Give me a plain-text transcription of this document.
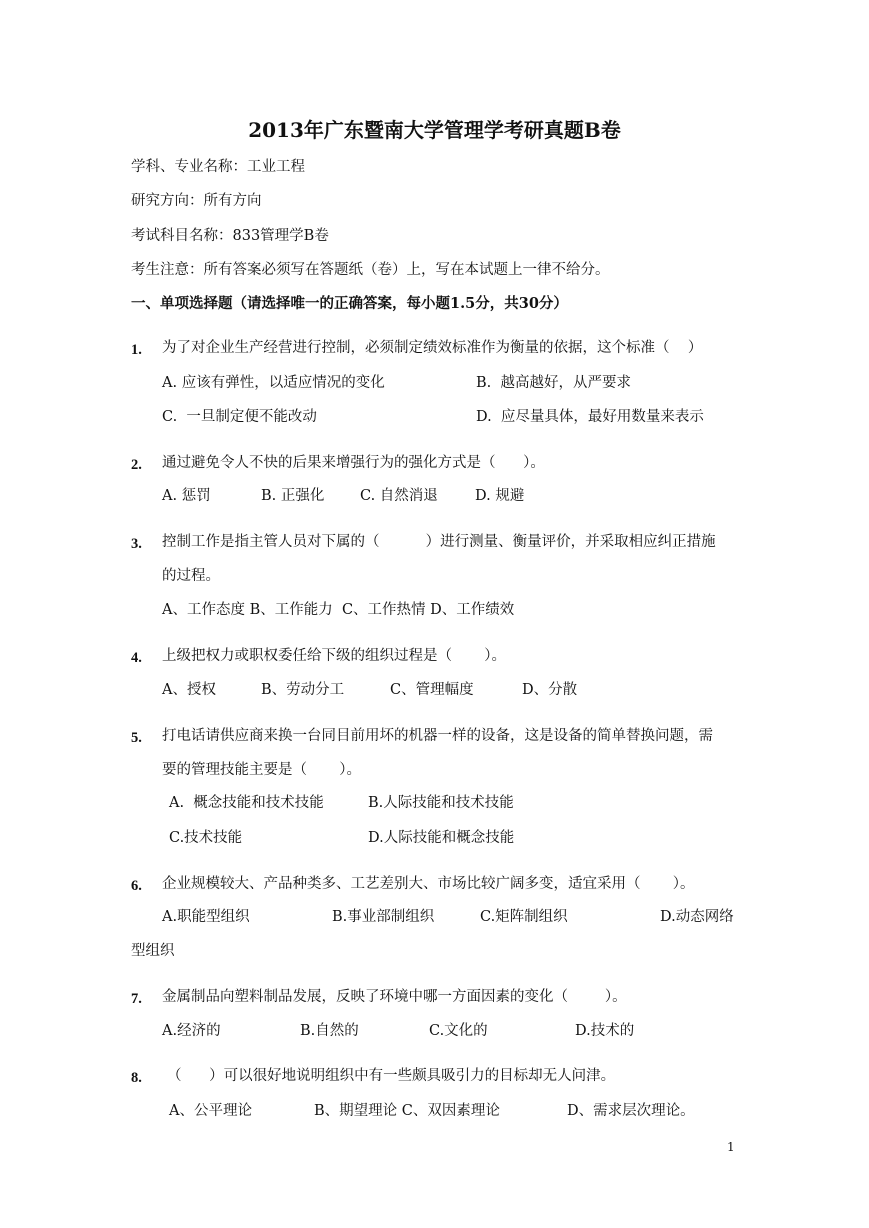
2013年广东暨南大学管理学考研真题B卷
学科、专业名称：工业工程
研究方向：所有方向
考试科目名称：833管理学B卷
考生注意：所有答案必须写在答题纸（卷）上，写在本试题上一律不给分。
一、单项选择题（请选择唯一的正确答案，每小题1.5分，共30分）
1. 为了对企业生产经营进行控制，必须制定绩效标准作为衡量的依据，这个标准（    ）
A. 应该有弹性，以适应情况的变化	B.  越高越好，从严要求
C.  一旦制定便不能改动	D.  应尽量具体，最好用数量来表示
2. 通过避免令人不快的后果来增强行为的强化方式是（      ）。
A. 惩罚	B. 正强化 C. 自然消退	D. 规避
3. 控制工作是指主管人员对下属的（          ）进行测量、衡量评价，并采取相应纠正措施
的过程。
A、工作态度 B、工作能力  C、工作热情 D、工作绩效
4. 上级把权力或职权委任给下级的组织过程是（       ）。
A、授权	B、劳动分工	C、管理幅度	D、分散
5. 打电话请供应商来换一台同目前用坏的机器一样的设备，这是设备的简单替换问题，需
要的管理技能主要是（       ）。
A.  概念技能和技术技能	B.人际技能和技术技能
C.技术技能	D.人际技能和概念技能
6. 企业规模较大、产品种类多、工艺差别大、市场比较广阔多变，适宜采用（       ）。
A.职能型组织	B.事业部制组织	C.矩阵制组织	D.动态网络
型组织
7. 金属制品向塑料制品发展，反映了环境中哪一方面因素的变化（        ）。
A.经济的	B.自然的	C.文化的	D.技术的
8. （      ）可以很好地说明组织中有一些颇具吸引力的目标却无人问津。
A、公平理论	B、期望理论 C、双因素理论	D、需求层次理论。
1
